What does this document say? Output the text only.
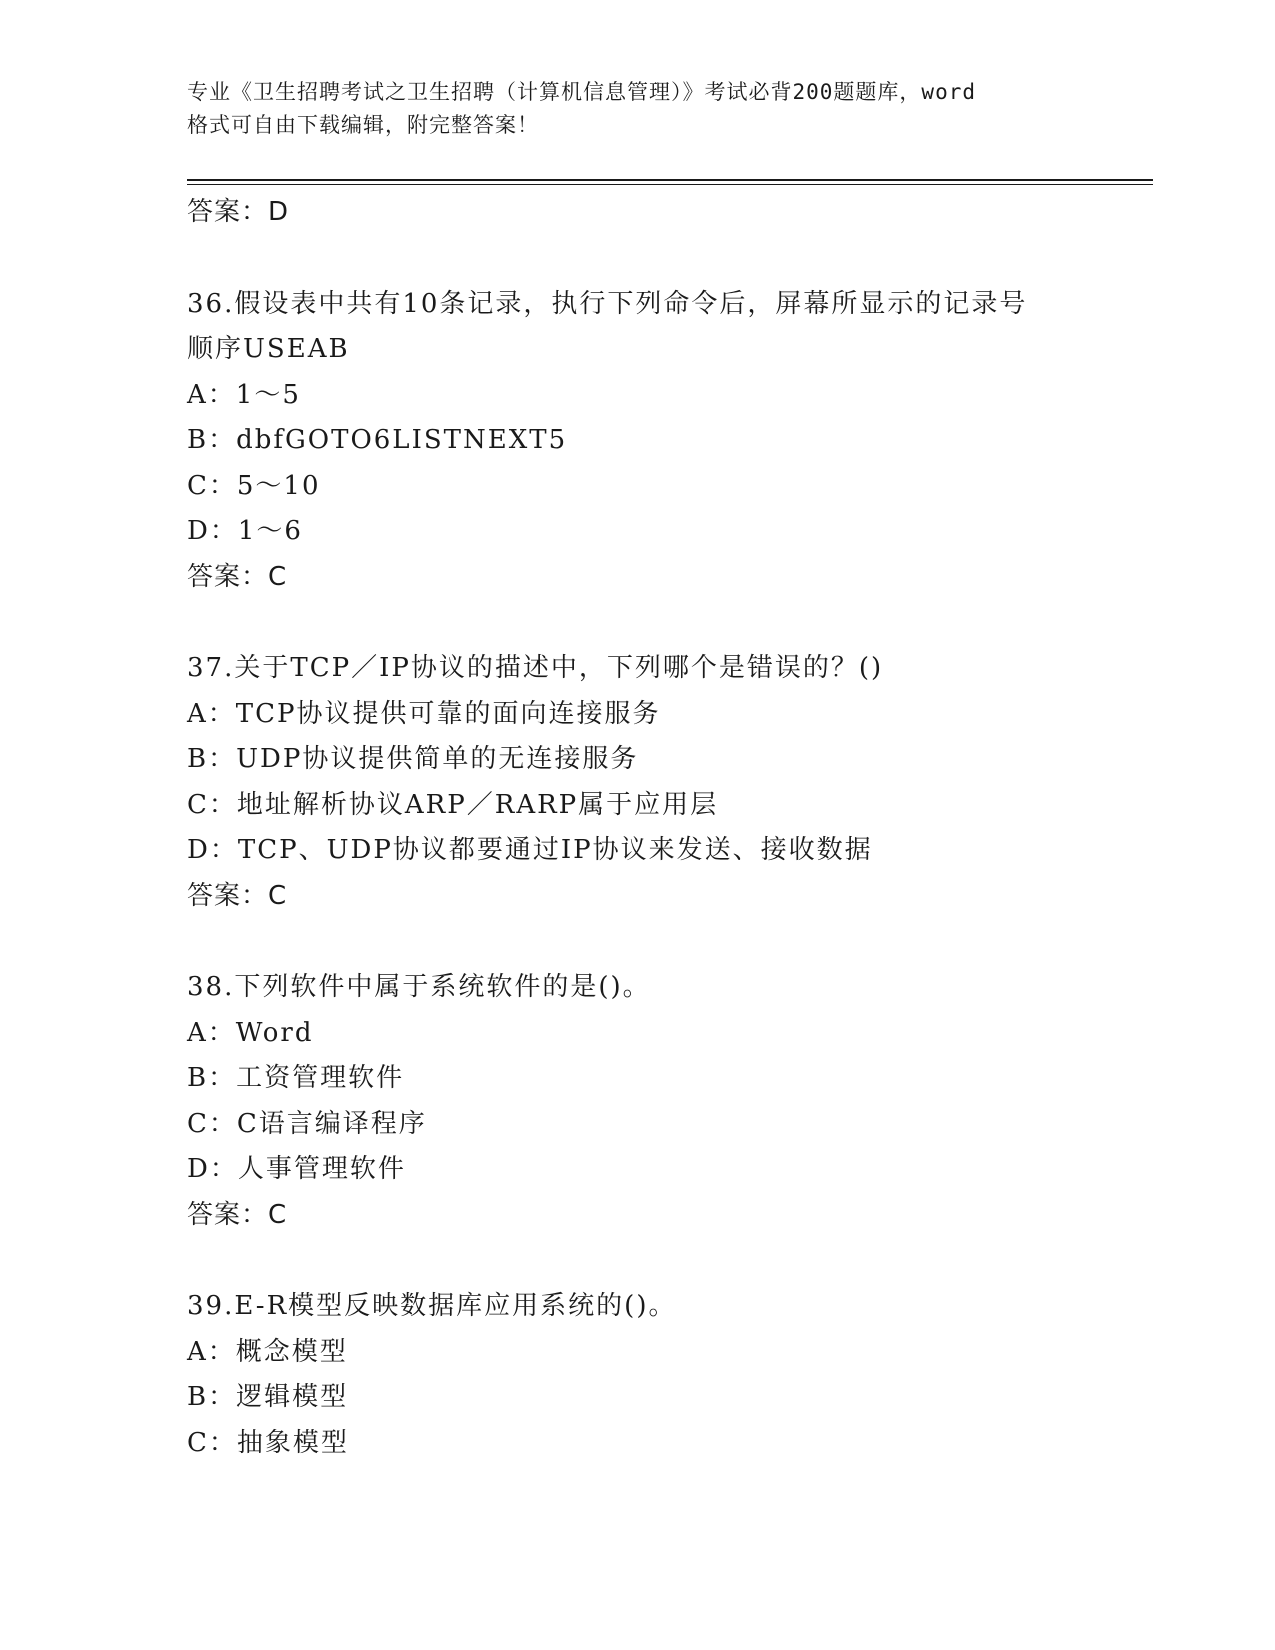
专业《卫生招聘考试之卫生招聘（计算机信息管理）》考试必背200题题库，word
格式可自由下载编辑，附完整答案！
答案：D
36.假设表中共有10条记录，执行下列命令后，屏幕所显示的记录号
顺序USEAB
A：1～5
B：dbfGOTO6LISTNEXT5
C：5～10
D：1～6
答案：C
37.关于TCP／IP协议的描述中，下列哪个是错误的？()
A：TCP协议提供可靠的面向连接服务
B：UDP协议提供简单的无连接服务
C：地址解析协议ARP／RARP属于应用层
D：TCP、UDP协议都要通过IP协议来发送、接收数据
答案：C
38.下列软件中属于系统软件的是()。
A：Word
B：工资管理软件
C：C语言编译程序
D：人事管理软件
答案：C
39.E-R模型反映数据库应用系统的()。
A：概念模型
B：逻辑模型
C：抽象模型
